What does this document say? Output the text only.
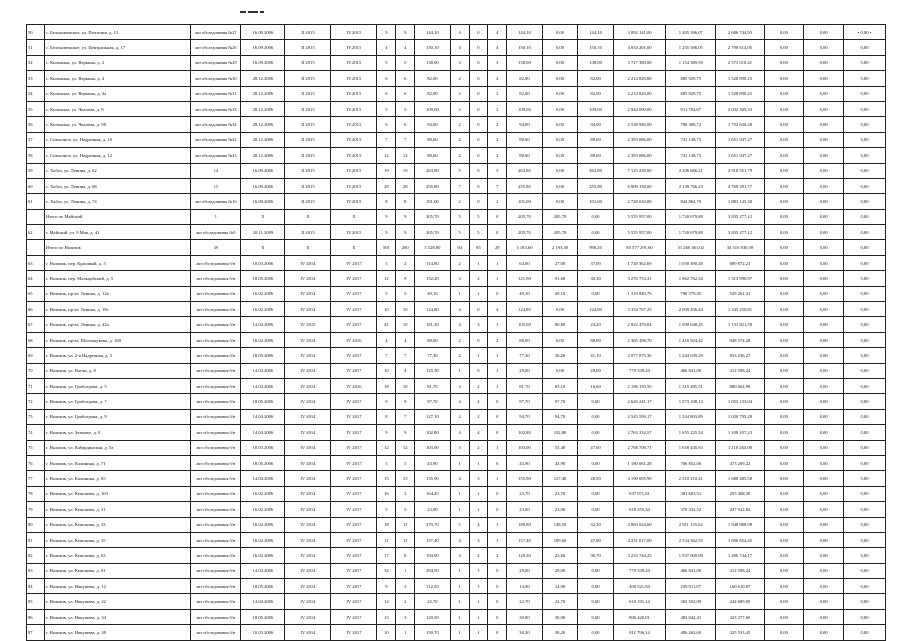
50	с. Белокаменское, ул. Почтовая, д. 13	акт обследования №27	16.09.2006	II 2015	IV.2015	9	9	144,10	4	0	4	144,10	0,00	144,10	3 892 141,00	1 205 396,07	2 686 744,93	0,00	0,00	• 0,00 •
51	с. Белокаменское, ул. Центральная, д. 17	акт обследования №26	16.09.2006	II 2015	IV.2015	4	4	150,10	4	0	4	150,10	0,00	150,10	4 054 201,00	1 255 586,05	2 798 614,95	0,00	0,00	0,00
52	с. Кичмалка, ул. Веркина, д. 2	акт обследования №29	16.09.2006	II 2015	IV.2015	5	5	138,00	3	0	3	138,00	0,00	138,00	3 727 380,00	1 154 369,59	2 573 010,41	0,00	0,00	0,00
53	с. Кичмалка, ул. Веркина, д. 4	акт обследования №30	28.12.2006	II 2015	IV.2015	6	6	82,00	2	0	2	82,00	0,00	82,00	2 214 820,00	685 929,75	1 528 890,25	0,00	0,00	0,00
54	с. Кичмалка, ул. Веркина, д. 4а	акт обследования №31	28.12.2006	II 2015	IV.2015	6	6	82,00	2	0	2	82,00	0,00	82,00	2 214 820,00	685 929,75	1 528 890,25	0,00	0,00	0,00
55	с. Кичмалка, ул. Чкалова, д. 9	акт обследования №33	28.12.2006	II 2015	IV.2015	5	5	109,00	2	0	2	109,00	0,00	109,00	2 944 090,00	911 784,67	2 032 305,33	0,00	0,00	0,00
56	с. Кичмалка, ул. Чкалова, д. 98	акт обследования №34	28.12.2006	II 2015	IV.2015	6	6	94,00	2	0	2	94,00	0,00	94,00	2 538 940,00	786 309,72	1 752 630,28	0,00	0,00	0,00
57	с. Совхозное, ул. Надречная, д. 10	акт обследования №42	28.12.2006	II 2015	IV.2015	7	7	88,60	2	0	2	88,60	0,00	88,60	2 393 086,00	741 138,73	1 651 947,27	0,00	0,00	0,00
58	с. Совхозное, ул. Надречная, д. 12	акт обследования №43	28.12.2006	II 2015	IV.2015	12	12	88,60	2	0	2	88,60	0,00	88,60	2 393 086,00	741 138,73	1 651 947,27	0,00	0,00	0,00
59	с. Хабаз, ул. Ленина, д. 62	14	16.09.2006	II 2015	IV.2015	19	19	263,80	5	0	5	263,80	0,00	263,80	7 125 238,00	2 206 686,21	4 918 551,79	0,00	0,00	0,00
60	с. Хабаз, ул. Ленина, д. 68	15	16.09.2006	II 2015	IV.2015	28	28	255,80	7	0	7	255,80	0,00	255,80	6 909 158,00	2 139 766,23	4 769 391,77	0,00	0,00	0,00
61	с. Хабаз, ул. Ленина, д. 74	акт обследования №16	16.09.2006	II 2015	IV.2015	8	8	101,00	2	0	2	101,00	0,00	101,00	2 728 010,00	844 864,70	1 883 145,30	0,00	0,00	0,00
	Итого по Майский	1	X	X	X	9	9	205,70	5	5	0	205,70	205,70	0,00	5 555 957,00	1 720 679,88	3 835 277,12	0,00	0,00	0,00
62	г. Майский, ул. 9 Мая, д. 41	акт обследования №9	20.11.2009	II 2015	IV.2015	9	9	205,70	5	5	0	205,70	205,70	0,00	5 555 957,00	1 720 679,88	3 835 277,12	0,00	0,00	0,00
	Итого по Нальчик	39	X	X	X	501	260	5 528,00	94	65	29	3 183,60	2 193,40	990,20	85 577 291,60	51 260 461,02	34 316 830,58	0,00	0,00	0,00
63	г. Нальчик, пер. Красавый, д. 5	акт обследования б/н	10.03.2006	IV 2014	IV 2017	5	2	114,80	2	1	1	64,00	27,00	37,00	1 720 362,69	1 030 490,48	689 872,21	0,00	0,00	0,00
64	г. Нальчик, пер. Мальцейский, д. 5	акт обследования б/н	18.05.2006	IV 2014	IV 2017	12	9	152,20	3	2	1	121,90	91,60	30,30	3 276 753,31	1 962 762,34	1 313 990,97	0,00	0,00	0,00
65	г. Нальчик, пр-кт. Ленина, д. 12а	акт обследования б/н	16.02.2006	IV 2014	IV 2017	5	5	49,10	1	1	0	49,10	49,10	0,00	1 319 840,76	790 579,45	529 261,31	0,00	0,00	0,00
66	г. Нальчик, пр-кт. Ленина, д. 18г	акт обследования б/н	16.02.2006	IV 2014	IV 2017	10	10	124,80	4	0	4	124,80	0,00	124,80	3 354 707,25	2 009 456,44	1 345 250,81	0,00	0,00	0,00
67	г. Нальчик, пр-кт. Ленина, д. 42а	акт обследования б/н	14.04.2006	IV 2015	IV 2017	41	10	181,30	4	3	1	105,00	80,80	24,20	2 822 470,04	1 690 648,45	1 131 821,59	0,00	0,00	0,00
68	г. Нальчик, пр-кт. Шогенцукова, д. 100	акт обследования б/н	16.02.2006	IV 2014	IV 2016	4	4	88,00	2	0	2	88,00	0,00	88,00	2 365 498,70	1 416 924,42	948 574,28	0,00	0,00	0,00
69	г. Нальчик, ул. 2-я Надречная, д. 3	акт обследования б/н	18.05.2006	IV 2014	IV 2017	7	7	77,30	2	1	1	77,30	36,20	41,10	2 077 875,36	1 244 639,29	833 236,27	0,00	0,00	0,00
70	г. Нальчик, ул. Ватчи, д. 8	акт обследования б/н	14.04.2006	IV 2014	IV 2017	10	4	125,50	1	0	1	29,00	0,00	29,00	779 539,24	466 941,00	312 598,24	0,00	0,00	0,00
71	г. Нальчик, ул. Грибоедова, д. 5	акт обследования б/н	14.04.2006	IV 2014	IV 2016	18	18	81,70	3	2	1	81,70	65,10	16,60	2 196 150,50	1 315 485,51	880 664,99	0,00	0,00	0,00
72	г. Нальчик, ул. Грибоедова, д. 7	акт обследования б/н	18.05.2006	IV 2014	IV 2017	9	9	97,70	4	4	0	97,70	97,70	0,00	2 626 241,17	1 573 108,13	1 053 133,04	0,00	0,00	0,00
73	г. Нальчик, ул. Грибоедова, д. 9	акт обследования б/н	14.04.2006	IV 2014	IV 2017	8	7	127,10	2	2	0	94,70	94,70	0,00	2 545 599,17	1 524 803,89	1 020 795,28	0,00	0,00	0,00
74	г. Нальчик, ул. Затишье, д. 8	акт обследования б/н	14.04.2006	IV 2014	IV 2017	9	9	102,80	4	4	0	102,80	102,80	0,00	2 763 332,57	1 655 225,34	1 108 107,23	0,00	0,00	0,00
75	г. Нальчик, ул. Кабардинская, д. 5а	акт обследования б/н	10.03.2006	IV 2014	IV 2017	12	12	103,00	3	2	1	103,00	55,40	47,60	2 768 708,71	1 658 445,63	1 110 263,08	0,00	0,00	0,00
76	г. Нальчик, ул. Калинина, д. 71	акт обследования б/н	18.05.2006	IV 2014	IV 2017	5	5	43,90	1	1	0	43,90	43,90	0,00	1 180 061,28	706 852,06	473 209,22	0,00	0,00	0,00
77	г. Нальчик, ул. Калинина, д. 85	акт обследования б/н	14.04.2006	IV 2014	IV 2017	15	15	155,90	4	3	1	155,90	127,40	28,50	4 190 695,99	2 510 210,41	1 680 485,58	0,00	0,00	0,00
78	г. Нальчик, ул. Кешокова, д. 103	акт обследования б/н	16.02.2006	IV 2014	IV 2017	16	2	164,20	1	1	0	23,70	23,70	0,00	637 071,81	381 603,51	255 468,30	0,00	0,00	0,00
79	г. Нальчик, ул. Кешокова, д. 31	акт обследования б/н	16.02.2006	IV 2014	IV 2017	5	5	23,00	1	1	0	23,00	23,00	0,00	618 255,34	370 332,52	247 922,82	0,00	0,00	0,00
80	г. Нальчик, ул. Кешокова, д. 33	акт обследования б/н	16.02.2006	IV 2014	IV 2017	18	11	270,70	5	4	1	180,80	148,50	32,30	4 860 024,60	2 911 135,62	1 948 888,98	0,00	0,00	0,00
81	г. Нальчик, ул. Кешокова, д. 35	акт обследования б/н	16.02.2006	IV 2014	IV 2017	11	11	157,40	4	3	1	157,40	109,60	47,80	4 231 017,00	2 534 362,55	1 696 654,45	0,00	0,00	0,00
82	г. Нальчик, ул. Кешокова, д. 63	акт обследования б/н	16.02.2006	IV 2014	IV 2017	17	8	194,90	4	2	2	120,30	23,60	96,70	3 233 744,25	1 937 000,08	1 296 744,17	0,00	0,00	0,00
83	г. Нальчик, ул. Кешокова, д. 81	акт обследования б/н	14.04.2006	IV 2014	IV 2017	32	1	294,50	1	1	0	29,00	29,00	0,00	779 539,24	466 941,00	312 598,24	0,00	0,00	0,00
84	г. Нальчик, ул. Накушева, д. 12	акт обследования б/н	18.05.2006	IV 2014	IV 2017	9	3	112,50	1	1	0	14,90	14,90	0,00	400 521,94	239 911,07	160 610,87	0,00	0,00	0,00
85	г. Нальчик, ул. Накушева, д. 22	акт обследования б/н	14.04.2006	IV 2014	IV 2017	14	2	22,70	1	1	0	22,70	22,70	0,00	610 191,14	365 502,09	244 689,05	0,00	0,00	0,00
86	г. Нальчик, ул. Накушева, д. 34	акт обследования б/н	18.05.2006	IV 2014	IV 2017	13	3	120,50	1	1	0	30,00	30,00	0,00	806 420,01	483 042,41	323 377,60	0,00	0,00	0,00
87	г. Нальчик, ул. Накушева, д. 38	акт обследования б/н	10.03.2006	IV 2014	IV 2017	10	1	150,70	1	1	0	30,20	30,20	0,00	811 796,14	486 262,69	325 533,45	0,00	0,00	0,00
